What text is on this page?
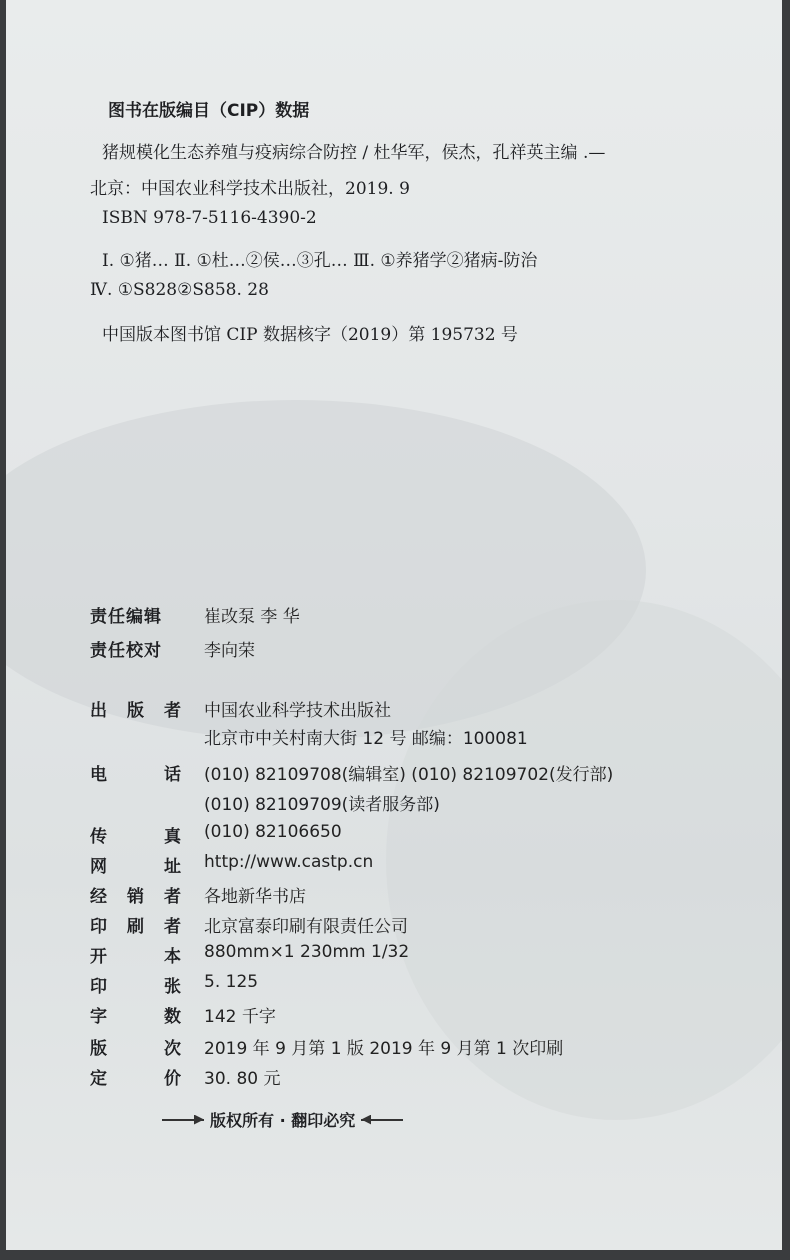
图书在版编目（CIP）数据
猪规模化生态养殖与疫病综合防控 / 杜华军，侯杰，孔祥英主编 .—
北京：中国农业科学技术出版社，2019. 9
ISBN 978-7-5116-4390-2
Ⅰ. ①猪… Ⅱ. ①杜…②侯…③孔… Ⅲ. ①养猪学②猪病-防治
Ⅳ. ①S828②S858. 28
中国版本图书馆 CIP 数据核字（2019）第 195732 号
责任编辑	崔改泵 李 华
责任校对	李向荣
出 版 者 中国农业科学技术出版社
北京市中关村南大街 12 号 邮编：100081
电	话 (010) 82109708(编辑室) (010) 82109702(发行部)
(010) 82109709(读者服务部)
传	真 (010) 82106650
网	址 http://www.castp.cn
经 销 者 各地新华书店
印 刷 者 北京富泰印刷有限责任公司
开	本 880mm×1 230mm 1/32
印	张 5. 125
字	数 142 千字
版	次 2019 年 9 月第 1 版 2019 年 9 月第 1 次印刷
定	价 30. 80 元
版权所有 · 翻印必究
